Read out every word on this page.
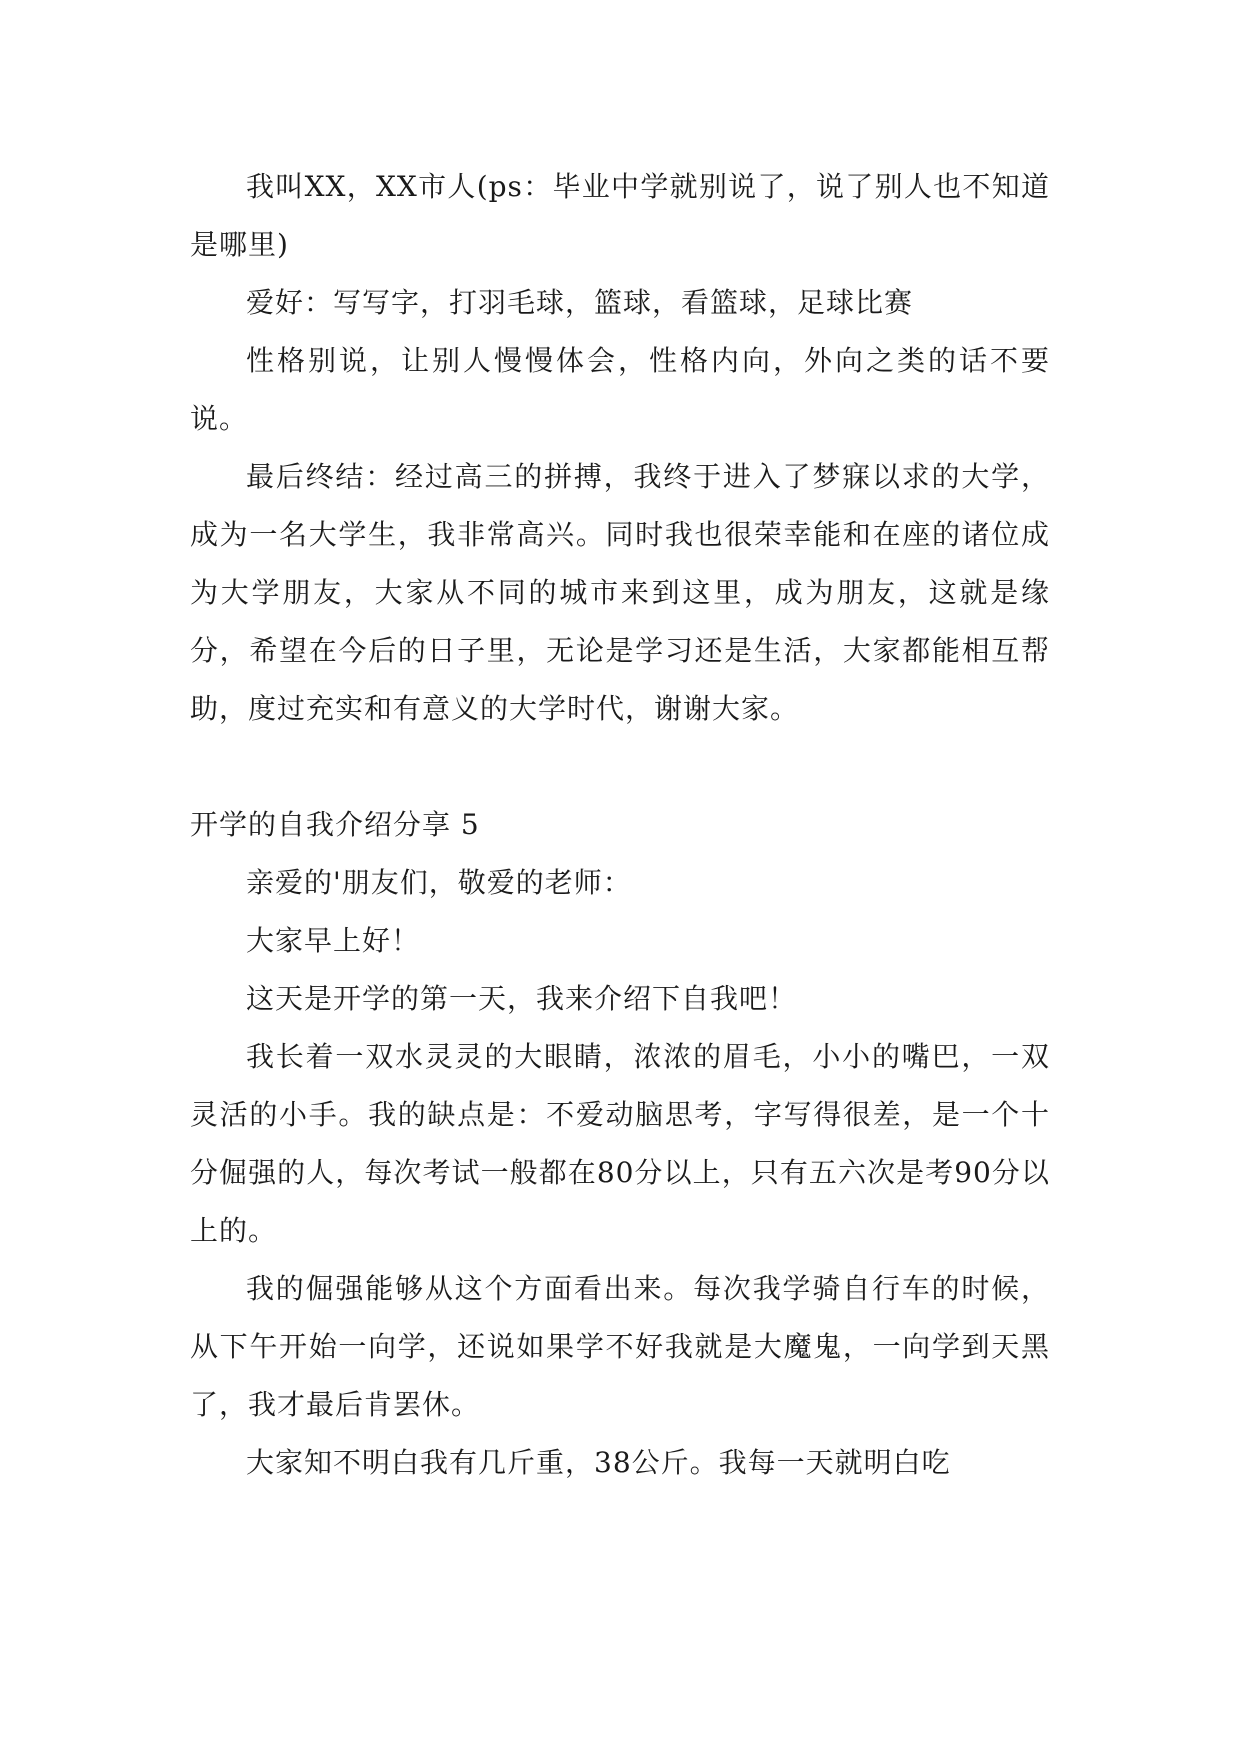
我叫XX，XX市人(ps：毕业中学就别说了，说了别人也不知道是哪里)

爱好：写写字，打羽毛球，篮球，看篮球，足球比赛

性格别说，让别人慢慢体会，性格内向，外向之类的话不要说。

最后终结：经过高三的拼搏，我终于进入了梦寐以求的大学，成为一名大学生，我非常高兴。同时我也很荣幸能和在座的诸位成为大学朋友，大家从不同的城市来到这里，成为朋友，这就是缘分，希望在今后的日子里，无论是学习还是生活，大家都能相互帮助，度过充实和有意义的大学时代，谢谢大家。

开学的自我介绍分享 5

亲爱的'朋友们，敬爱的老师：

大家早上好！

这天是开学的第一天，我来介绍下自我吧！

我长着一双水灵灵的大眼睛，浓浓的眉毛，小小的嘴巴，一双灵活的小手。我的缺点是：不爱动脑思考，字写得很差，是一个十分倔强的人，每次考试一般都在80分以上，只有五六次是考90分以上的。

我的倔强能够从这个方面看出来。每次我学骑自行车的时候，从下午开始一向学，还说如果学不好我就是大魔鬼，一向学到天黑了，我才最后肯罢休。

大家知不明白我有几斤重，38公斤。我每一天就明白吃
